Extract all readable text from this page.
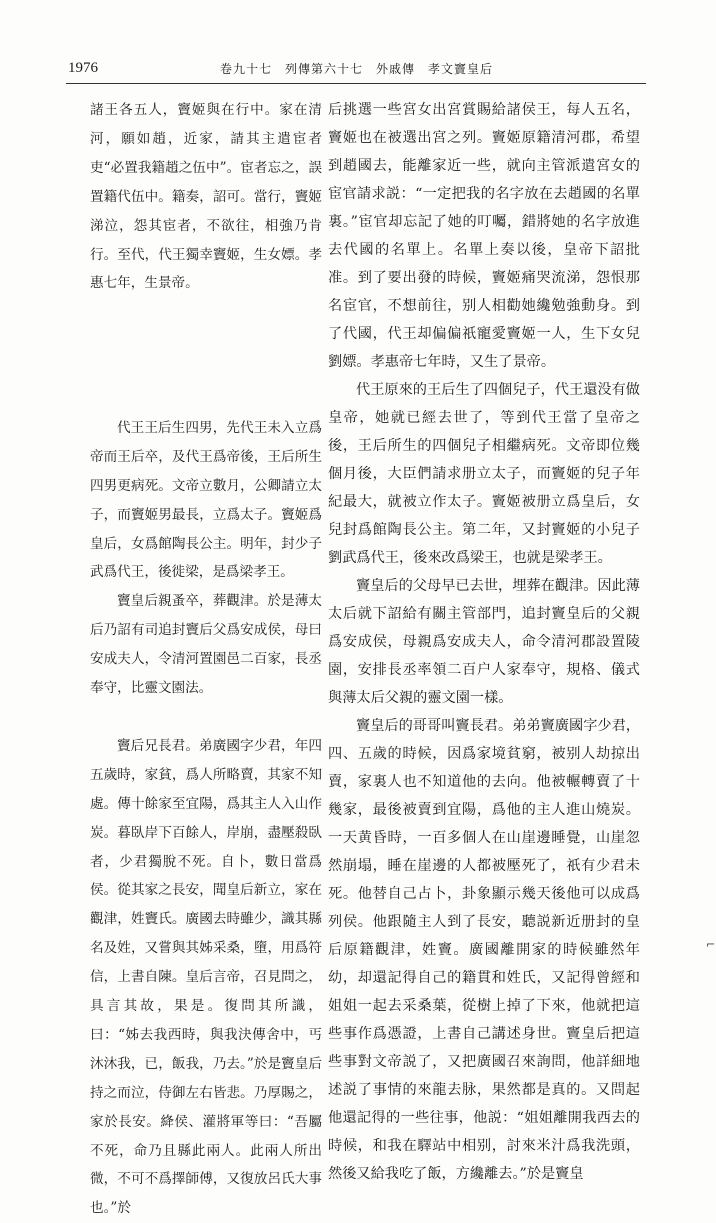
1976	卷九十七　列傳第六十七　外戚傳　孝文竇皇后

諸王各五人，竇姬與在行中。家在清河，願如趙，近家，請其主遣宦者吏“必置我籍趙之伍中”。宦者忘之，誤置籍代伍中。籍奏，詔可。當行，竇姬涕泣，怨其宦者，不欲往，相強乃肯行。至代，代王獨幸竇姬，生女嫖。孝惠七年，生景帝。

代王王后生四男，先代王未入立爲帝而王后卒，及代王爲帝後，王后所生四男更病死。文帝立數月，公卿請立太子，而竇姬男最長，立爲太子。竇姬爲皇后，女爲館陶長公主。明年，封少子武爲代王，後徙梁，是爲梁孝王。

竇皇后親蚤卒，葬觀津。於是薄太后乃詔有司追封竇后父爲安成侯，母曰安成夫人，令清河置園邑二百家，長丞奉守，比靈文園法。

竇后兄長君。弟廣國字少君，年四五歲時，家貧，爲人所略賣，其家不知處。傳十餘家至宜陽，爲其主人入山作炭。暮臥岸下百餘人，岸崩，盡壓殺臥者，少君獨脫不死。自卜，數日當爲侯。從其家之長安，聞皇后新立，家在觀津，姓竇氏。廣國去時雖少，識其縣名及姓，又嘗與其姊采桑，墮，用爲符信，上書自陳。皇后言帝，召見問之，具言其故，果是。復問其所識，曰：“姊去我西時，與我決傳舍中，丐沐沐我，已，飯我，乃去。”於是竇皇后持之而泣，侍御左右皆悲。乃厚賜之，家於長安。絳侯、灌將軍等曰：“吾屬不死，命乃且縣此兩人。此兩人所出微，不可不爲擇師傅，又復放呂氏大事也。”於

后挑選一些宮女出宮賞賜給諸侯王，每人五名，竇姬也在被選出宮之列。竇姬原籍清河郡，希望到趙國去，能離家近一些，就向主管派遣宮女的宦官請求説：“一定把我的名字放在去趙國的名單裏。”宦官却忘記了她的叮囑，錯將她的名字放進去代國的名單上。名單上奏以後，皇帝下詔批准。到了要出發的時候，竇姬痛哭流涕，怨恨那名宦官，不想前往，别人相勸她纔勉強動身。到了代國，代王却偏偏祇寵愛竇姬一人，生下女兒劉嫖。孝惠帝七年時，又生了景帝。

代王原來的王后生了四個兒子，代王還没有做皇帝，她就已經去世了，等到代王當了皇帝之後，王后所生的四個兒子相繼病死。文帝即位幾個月後，大臣們請求册立太子，而竇姬的兒子年紀最大，就被立作太子。竇姬被册立爲皇后，女兒封爲館陶長公主。第二年，又封竇姬的小兒子劉武爲代王，後來改爲梁王，也就是梁孝王。

竇皇后的父母早已去世，埋葬在觀津。因此薄太后就下詔給有關主管部門，追封竇皇后的父親爲安成侯，母親爲安成夫人，命令清河郡設置陵園，安排長丞率領二百户人家奉守，規格、儀式與薄太后父親的靈文園一樣。

竇皇后的哥哥叫竇長君。弟弟竇廣國字少君，四、五歲的時候，因爲家境貧窮，被别人劫掠出賣，家裏人也不知道他的去向。他被輾轉賣了十幾家，最後被賣到宜陽，爲他的主人進山燒炭。一天黄昏時，一百多個人在山崖邊睡覺，山崖忽然崩塌，睡在崖邊的人都被壓死了，祇有少君未死。他替自己占卜，卦象顯示幾天後他可以成爲列侯。他跟隨主人到了長安，聽説新近册封的皇后原籍觀津，姓竇。廣國離開家的時候雖然年幼，却還記得自己的籍貫和姓氏，又記得曾經和姐姐一起去采桑葉，從樹上掉了下來，他就把這些事作爲憑證，上書自己講述身世。竇皇后把這些事對文帝説了，又把廣國召來詢問，他詳細地述説了事情的來龍去脉，果然都是真的。又問起他還記得的一些往事，他説：“姐姐離開我西去的時候，和我在驛站中相别，討來米汁爲我洗頭，然後又給我吃了飯，方纔離去。”於是竇皇

⌐
